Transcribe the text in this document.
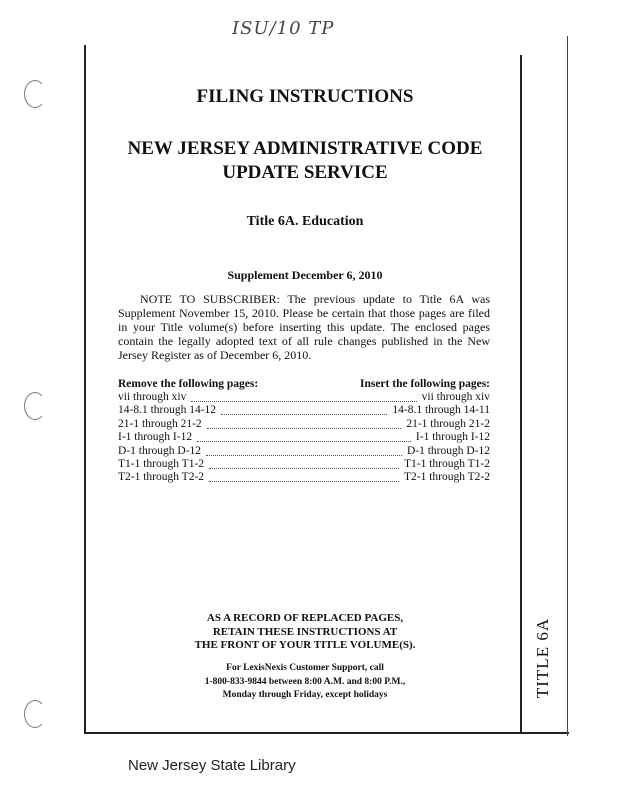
ISU/10 TP
TITLE 6A
FILING INSTRUCTIONS
NEW JERSEY ADMINISTRATIVE CODE UPDATE SERVICE
Title 6A. Education
Supplement December 6, 2010
NOTE TO SUBSCRIBER: The previous update to Title 6A was Supplement November 15, 2010. Please be certain that those pages are filed in your Title volume(s) before inserting this update. The enclosed pages contain the legally adopted text of all rule changes published in the New Jersey Register as of December 6, 2010.
Remove the following pages:	Insert the following pages:
vii through xiv	vii through xiv
14-8.1 through 14-12	14-8.1 through 14-11
21-1 through 21-2	21-1 through 21-2
I-1 through I-12	I-1 through I-12
D-1 through D-12	D-1 through D-12
T1-1 through T1-2	T1-1 through T1-2
T2-1 through T2-2	T2-1 through T2-2
AS A RECORD OF REPLACED PAGES,
RETAIN THESE INSTRUCTIONS AT
THE FRONT OF YOUR TITLE VOLUME(S).
For LexisNexis Customer Support, call
1-800-833-9844 between 8:00 A.M. and 8:00 P.M.,
Monday through Friday, except holidays
New Jersey State Library
